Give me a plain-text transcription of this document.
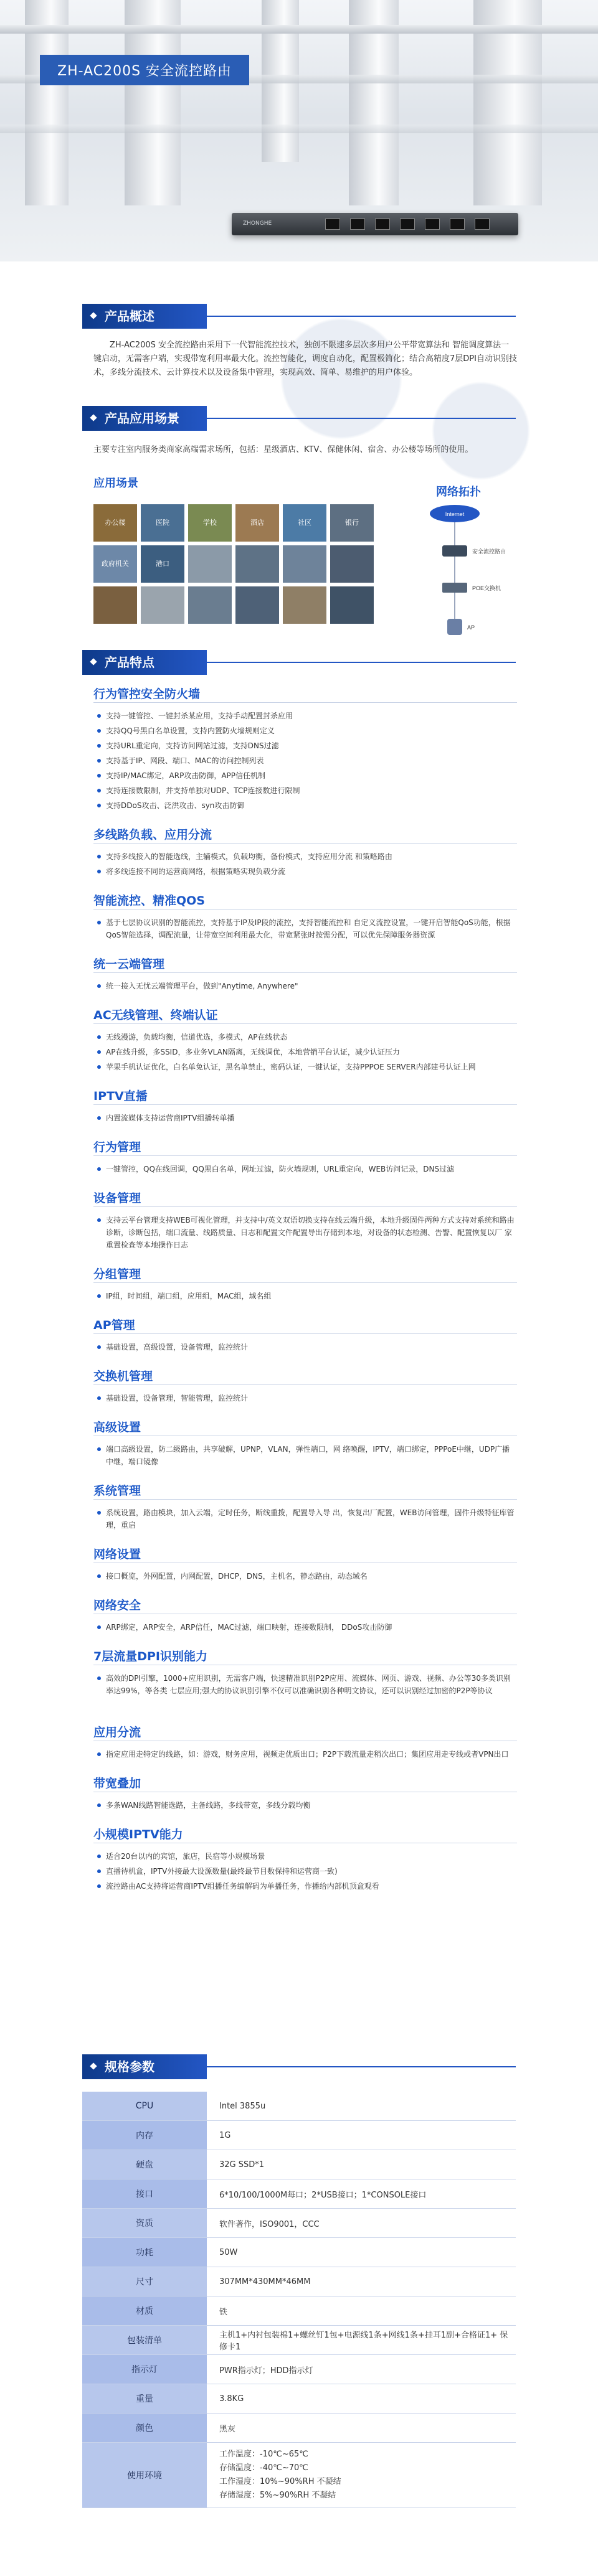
ZH-AC200S 安全流控路由
ZHONGHE
产品概述
ZH-AC200S 安全流控路由采用下一代智能流控技术，独创不限速多层次多用户公平带宽算法和 智能调度算法一键启动，无需客户端，实现带宽利用率最大化。流控智能化，调度自动化，配置极简化；结合高精度7层DPI自动识别技术，多线分流技术、云计算技术以及设备集中管理，实现高效、简单、易维护的用户体验。
产品应用场景
主要专注室内服务类商家高端需求场所，包括：星级酒店、KTV、保健休闲、宿舍、办公楼等场所的使用。
应用场景
网络拓扑
办公楼	医院	学校	酒店	社区	银行
政府机关	港口
Internet
安全流控路由
POE交换机
AP
产品特点
行为管控安全防火墙
支持一键管控、一键封杀某应用，支持手动配置封杀应用
支持QQ号黑白名单设置，支持内置防火墙规则定义
支持URL重定向，支持访问网站过滤，支持DNS过滤
支持基于IP、网段、端口、MAC的访问控制列表
支持IP/MAC绑定，ARP攻击防御，APP信任机制
支持连接数限制，并支持单独对UDP、TCP连接数进行限制
支持DDoS攻击、泛洪攻击、syn攻击防御
多线路负载、应用分流
支持多线接入的智能选线，主辅模式，负载均衡，备份模式，支持应用分流 和策略路由
将多线连接不同的运营商网络，根据策略实现负载分流
智能流控、精准QOS
基于七层协议识别的智能流控，支持基于IP及IP段的流控，支持智能流控和 自定义流控设置，一键开启智能QoS功能，根据QoS智能选择，调配流量，让带宽空间利用最大化，带宽紧张时按需分配，可以优先保障服务器资源
统一云端管理
统一接入无忧云端管理平台，做到"Anytime, Anywhere"
AC无线管理、终端认证
无线漫游，负载均衡，信道优选，多模式，AP在线状态
AP在线升级，多SSID，多业务VLAN隔离，无线调优，本地营销平台认证，减少认证压力
苹果手机认证优化，白名单免认证，黑名单禁止，密码认证，一键认证，支持PPPOE SERVER内部建号认证上网
IPTV直播
内置流媒体支持运营商IPTV组播转单播
行为管理
一键管控，QQ在线回调，QQ黑白名单，网址过滤，防火墙规则，URL重定向，WEB访问记录，DNS过滤
设备管理
支持云平台管理支持WEB可视化管理，并支持中/英文双语切换支持在线云端升级，本地升级固件两种方式支持对系统和路由诊断，诊断包括，端口流量、线路质量、日志和配置文件配置导出存储到本地，对设备的状态检测、告警、配置恢复以厂 家重置检查等本地操作日志
分组管理
IP组，时间组，端口组，应用组，MAC组，域名组
AP管理
基础设置，高级设置，设备管理，监控统计
交换机管理
基础设置，设备管理，智能管理，监控统计
高级设置
端口高级设置，防二级路由，共享破解，UPNP，VLAN，弹性端口，网 络唤醒，IPTV，端口绑定，PPPoE中继，UDP广播中继，端口镜像
系统管理
系统设置，路由模块，加入云端，定时任务，断线重拨，配置导入导 出，恢复出厂配置，WEB访问管理，固件升级特征库管理，重启
网络设置
接口概览，外网配置，内网配置，DHCP，DNS，主机名，静态路由，动态域名
网络安全
ARP绑定，ARP安全，ARP信任，MAC过滤，端口映射，连接数限制， DDoS攻击防御
7层流量DPI识别能力
高效的DPI引擎，1000+应用识别，无需客户端，快速精准识别P2P应用、流媒体、网页、游戏、视频、办公等30多类识别率达99%，等各类 七层应用;强大的协议识别引擎不仅可以准确识别各种明文协议，还可以识别经过加密的P2P等协议
应用分流
指定应用走特定的线路，如：游戏，财务应用，视频走优质出口；P2P下载流量走稍次出口；集团应用走专线或者VPN出口
带宽叠加
多条WAN线路智能选路，主备线路，多线带宽，多线分载均衡
小规模IPTV能力
适合20台以内的宾馆，旅店，民宿等小规模场景
直播待机盒，IPTV外接最大设源数量(最终最节目数保持和运营商一致)
流控路由AC支持将运营商IPTV组播任务编解码为单播任务，作播给内部机顶盒观看
规格参数
CPU	Intel 3855u
内存	1G
硬盘	32G SSD*1
接口	6*10/100/1000M每口；2*USB接口；1*CONSOLE接口
资质	软件著作，ISO9001，CCC
功耗	50W
尺寸	307MM*430MM*46MM
材质	铁
包装清单	主机1+内衬包装棉1+螺丝钉1包+电源线1条+网线1条+挂耳1副+合格证1+ 保修卡1
指示灯	PWR指示灯；HDD指示灯
重量	3.8KG
颜色	黑灰
使用环境	工作温度：-10℃~65℃
存储温度：-40℃~70℃
工作湿度：10%~90%RH 不凝结
存储湿度：5%~90%RH 不凝结
